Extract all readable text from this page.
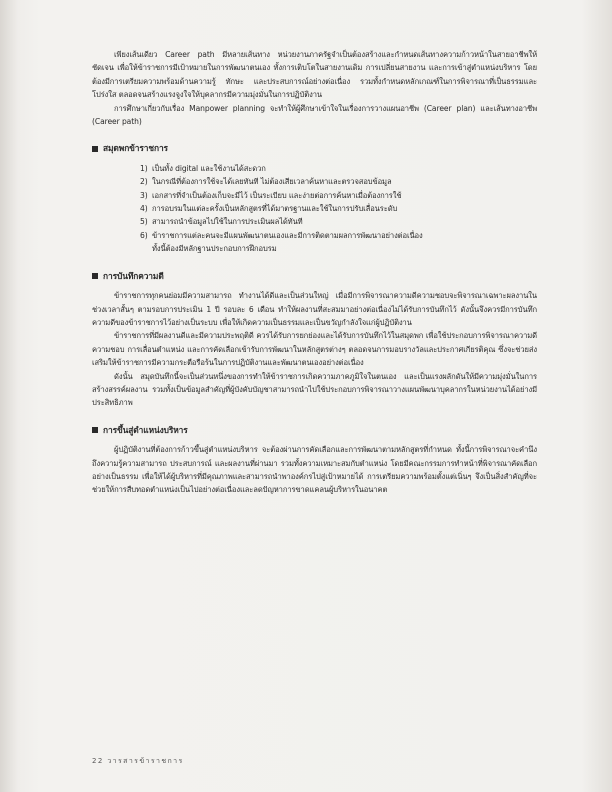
เพียงเส้นเดียว Career path มีหลายเส้นทาง หน่วยงานภาครัฐจำเป็นต้องสร้างและกำหนดเส้นทางความก้าวหน้าในสายอาชีพให้ชัดเจน เพื่อให้ข้าราชการมีเป้าหมายในการพัฒนาตนเอง ทั้งการเติบโตในสายงานเดิม การเปลี่ยนสายงาน และการเข้าสู่ตำแหน่งบริหาร โดยต้องมีการเตรียมความพร้อมด้านความรู้ ทักษะ และประสบการณ์อย่างต่อเนื่อง รวมทั้งกำหนดหลักเกณฑ์ในการพิจารณาที่เป็นธรรมและโปร่งใส ตลอดจนสร้างแรงจูงใจให้บุคลากรมีความมุ่งมั่นในการปฏิบัติงาน

การศึกษาเกี่ยวกับเรื่อง Manpower planning จะทำให้ผู้ศึกษาเข้าใจในเรื่องการวางแผนอาชีพ (Career plan) และเส้นทางอาชีพ (Career path)

สมุดพกข้าราชการ
1) เป็นทั้ง digital และใช้งานได้สะดวก
2) ในกรณีที่ต้องการใช้จะได้เลยทันที ไม่ต้องเสียเวลาค้นหาและตรวจสอบข้อมูล
3) เอกสารที่จำเป็นต้องเก็บจะมีไว้ เป็นระเบียบ และง่ายต่อการค้นหาเมื่อต้องการใช้
4) การอบรมในแต่ละครั้งเป็นหลักสูตรที่ได้มาตรฐานและใช้ในการปรับเลื่อนระดับ
5) สามารถนำข้อมูลไปใช้ในการประเมินผลได้ทันที
6) ข้าราชการแต่ละคนจะมีแผนพัฒนาตนเองและมีการติดตามผลการพัฒนาอย่างต่อเนื่อง
ทั้งนี้ต้องมีหลักฐานประกอบการฝึกอบรม
การบันทึกความดี

ข้าราชการทุกคนย่อมมีความสามารถ ทำงานได้ดีและเป็นส่วนใหญ่ เมื่อมีการพิจารณาความดีความชอบจะพิจารณาเฉพาะผลงานในช่วงเวลาสั้นๆ ตามรอบการประเมิน 1 ปี รอบละ 6 เดือน ทำให้ผลงานที่สะสมมาอย่างต่อเนื่องไม่ได้รับการบันทึกไว้ ดังนั้นจึงควรมีการบันทึกความดีของข้าราชการไว้อย่างเป็นระบบ เพื่อให้เกิดความเป็นธรรมและเป็นขวัญกำลังใจแก่ผู้ปฏิบัติงาน

ข้าราชการที่มีผลงานดีและมีความประพฤติดี ควรได้รับการยกย่องและได้รับการบันทึกไว้ในสมุดพก เพื่อใช้ประกอบการพิจารณาความดีความชอบ การเลื่อนตำแหน่ง และการคัดเลือกเข้ารับการพัฒนาในหลักสูตรต่างๆ ตลอดจนการมอบรางวัลและประกาศเกียรติคุณ ซึ่งจะช่วยส่งเสริมให้ข้าราชการมีความกระตือรือร้นในการปฏิบัติงานและพัฒนาตนเองอย่างต่อเนื่อง

ดังนั้น สมุดบันทึกนี้จะเป็นส่วนหนึ่งของการทำให้ข้าราชการเกิดความภาคภูมิใจในตนเอง และเป็นแรงผลักดันให้มีความมุ่งมั่นในการสร้างสรรค์ผลงาน รวมทั้งเป็นข้อมูลสำคัญที่ผู้บังคับบัญชาสามารถนำไปใช้ประกอบการพิจารณาวางแผนพัฒนาบุคลากรในหน่วยงานได้อย่างมีประสิทธิภาพ

การขึ้นสู่ตำแหน่งบริหาร

ผู้ปฏิบัติงานที่ต้องการก้าวขึ้นสู่ตำแหน่งบริหาร จะต้องผ่านการคัดเลือกและการพัฒนาตามหลักสูตรที่กำหนด ทั้งนี้การพิจารณาจะคำนึงถึงความรู้ความสามารถ ประสบการณ์ และผลงานที่ผ่านมา รวมทั้งความเหมาะสมกับตำแหน่ง โดยมีคณะกรรมการทำหน้าที่พิจารณาคัดเลือกอย่างเป็นธรรม เพื่อให้ได้ผู้บริหารที่มีคุณภาพและสามารถนำพาองค์กรไปสู่เป้าหมายได้ การเตรียมความพร้อมตั้งแต่เนิ่นๆ จึงเป็นสิ่งสำคัญที่จะช่วยให้การสืบทอดตำแหน่งเป็นไปอย่างต่อเนื่องและลดปัญหาการขาดแคลนผู้บริหารในอนาคต

22 วารสารข้าราชการ
